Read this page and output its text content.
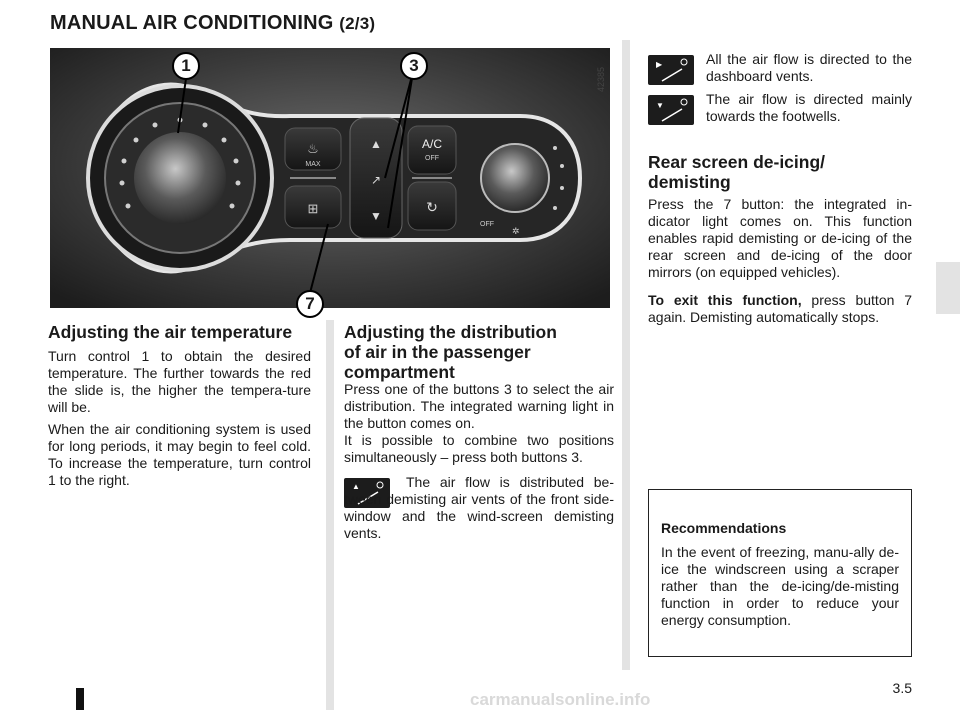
MANUAL AIR CONDITIONING (2/3)
▲
↗
▼
♨
MAX
⊞
A/C
OFF
↻
OFF
✲
1	3
7
42385
Adjusting the air temperature
Turn control 1 to obtain the desired temperature. The further towards the red the slide is, the higher the tempera-ture will be.
When the air conditioning system is used for long periods, it may begin to feel cold. To increase the temperature, turn control 1 to the right.
Adjusting the distribution
of air in the passenger
compartment
Press one of the buttons 3 to select the air distribution. The integrated warning light in the button comes on.
It is possible to combine two positions simultaneously – press both buttons 3.
▲	The air flow is distributed be-tween demisting air vents of the front side-window and the wind-screen demisting vents.
▶	All the air flow is directed to the dashboard vents.
▼	The air flow is directed mainly towards the footwells.
Rear screen de-icing/
demisting
Press the 7 button: the integrated in-dicator light comes on. This function enables rapid demisting or de-icing of the rear screen and de-icing of the door mirrors (on equipped vehicles).
To exit this function, press button 7 again. Demisting automatically stops.
Recommendations
In the event of freezing, manu-ally de-ice the windscreen using a scraper rather than the de-icing/de-misting function in order to reduce your energy consumption.
3.5
carmanualsonline.info
